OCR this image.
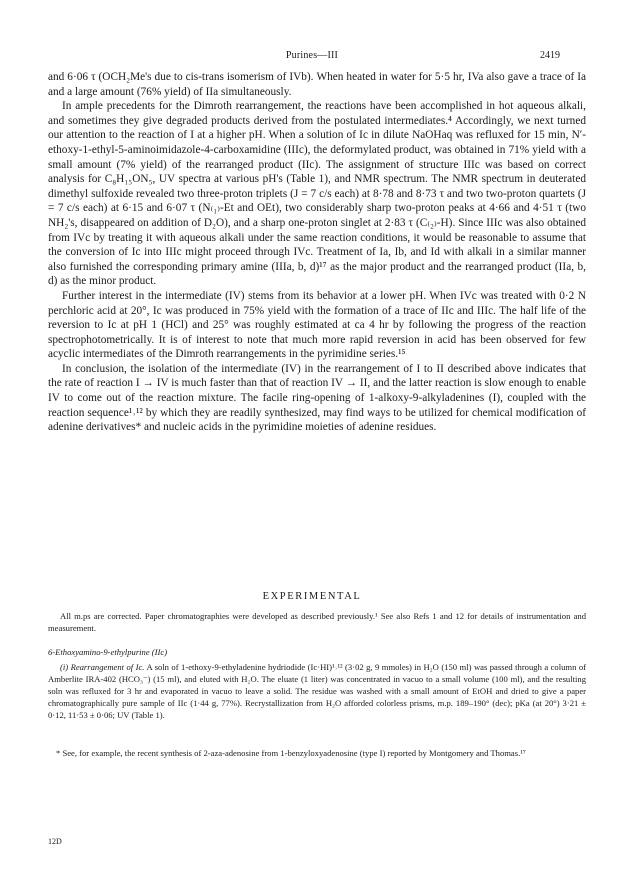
Purines—III	2419

and 6·06 τ (OCH₂Me's due to cis-trans isomerism of IVb). When heated in water for 5·5 hr, IVa also gave a trace of Ia and a large amount (76% yield) of IIa simultaneously.

In ample precedents for the Dimroth rearrangement, the reactions have been accomplished in hot aqueous alkali, and sometimes they give degraded products derived from the postulated intermediates.⁴ Accordingly, we next turned our attention to the reaction of I at a higher pH. When a solution of Ic in dilute NaOHaq was refluxed for 15 min, N′-ethoxy-1-ethyl-5-aminoimidazole-4-carboxamidine (IIIc), the deformylated product, was obtained in 71% yield with a small amount (7% yield) of the rearranged product (IIc). The assignment of structure IIIc was based on correct analysis for C₈H₁₅ON₅, UV spectra at various pH's (Table 1), and NMR spectrum. The NMR spectrum in deuterated dimethyl sulfoxide revealed two three-proton triplets (J = 7 c/s each) at 8·78 and 8·73 τ and two two-proton quartets (J = 7 c/s each) at 6·15 and 6·07 τ (N₍₁₎-Et and OEt), two considerably sharp two-proton peaks at 4·66 and 4·51 τ (two NH₂'s, disappeared on addition of D₂O), and a sharp one-proton singlet at 2·83 τ (C₍₂₎-H). Since IIIc was also obtained from IVc by treating it with aqueous alkali under the same reaction conditions, it would be reasonable to assume that the conversion of Ic into IIIc might proceed through IVc. Treatment of Ia, Ib, and Id with alkali in a similar manner also furnished the corresponding primary amine (IIIa, b, d)¹⁷ as the major product and the rearranged product (IIa, b, d) as the minor product.

Further interest in the intermediate (IV) stems from its behavior at a lower pH. When IVc was treated with 0·2 N perchloric acid at 20°, Ic was produced in 75% yield with the formation of a trace of IIc and IIIc. The half life of the reversion to Ic at pH 1 (HCl) and 25° was roughly estimated at ca 4 hr by following the progress of the reaction spectrophotometrically. It is of interest to note that much more rapid reversion in acid has been observed for few acyclic intermediates of the Dimroth rearrangements in the pyrimidine series.¹⁵

In conclusion, the isolation of the intermediate (IV) in the rearrangement of I to II described above indicates that the rate of reaction I → IV is much faster than that of reaction IV → II, and the latter reaction is slow enough to enable IV to come out of the reaction mixture. The facile ring-opening of 1-alkoxy-9-alkyladenines (I), coupled with the reaction sequence¹˒¹² by which they are readily synthesized, may find ways to be utilized for chemical modification of adenine derivatives* and nucleic acids in the pyrimidine moieties of adenine residues.

EXPERIMENTAL

All m.ps are corrected. Paper chromatographies were developed as described previously.¹ See also Refs 1 and 12 for details of instrumentation and measurement.

6-Ethoxyamino-9-ethylpurine (IIc)

(i) Rearrangement of Ic. A soln of 1-ethoxy-9-ethyladenine hydriodide (Ic·HI)¹˒¹² (3·02 g, 9 mmoles) in H₂O (150 ml) was passed through a column of Amberlite IRA-402 (HCO₃⁻) (15 ml), and eluted with H₂O. The eluate (1 liter) was concentrated in vacuo to a small volume (100 ml), and the resulting soln was refluxed for 3 hr and evaporated in vacuo to leave a solid. The residue was washed with a small amount of EtOH and dried to give a paper chromatographically pure sample of IIc (1·44 g, 77%). Recrystallization from H₂O afforded colorless prisms, m.p. 189–190° (dec); pKa (at 20°) 3·21 ± 0·12, 11·53 ± 0·06; UV (Table 1).

* See, for example, the recent synthesis of 2-aza-adenosine from 1-benzyloxyadenosine (type I) reported by Montgomery and Thomas.¹⁷

12D
